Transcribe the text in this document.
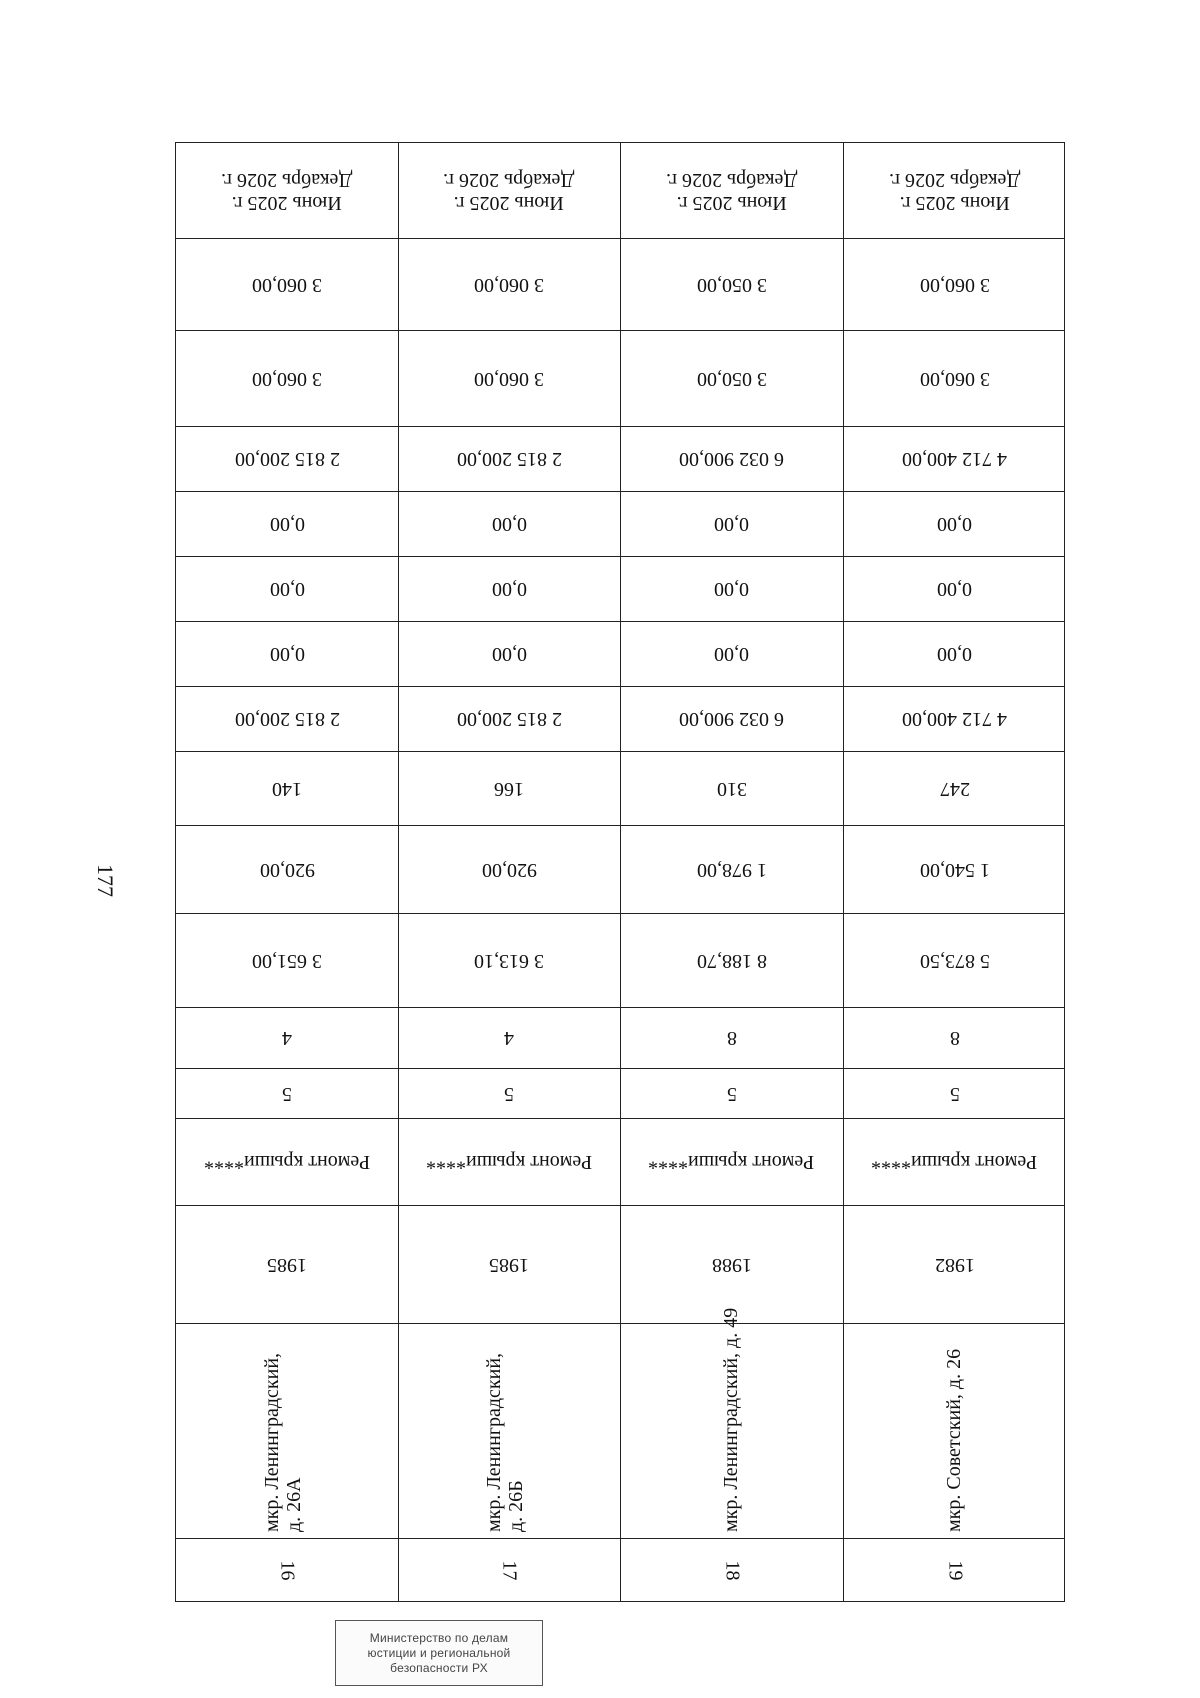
177
Июнь 2025 г.
Декабрь 2026 г.
3 060,00
3 060,00
2 815 200,00
0,00
0,00
0,00
2 815 200,00
140
920,00
3 651,00
4
5
Ремонт крыши****
1985
мкр. Ленинградский, д. 26А
16
Июнь 2025 г.
Декабрь 2026 г.
3 060,00
3 060,00
2 815 200,00
0,00
0,00
0,00
2 815 200,00
166
920,00
3 613,10
4
5
Ремонт крыши****
1985
мкр. Ленинградский, д. 26Б
17
Июнь 2025 г.
Декабрь 2026 г.
3 050,00
3 050,00
6 032 900,00
0,00
0,00
0,00
6 032 900,00
310
1 978,00
8 188,70
8
5
Ремонт крыши****
1988
мкр. Ленинградский, д. 49
18
Июнь 2025 г.
Декабрь 2026 г.
3 060,00
3 060,00
4 712 400,00
0,00
0,00
0,00
4 712 400,00
247
1 540,00
5 873,50
8
5
Ремонт крыши****
1982
мкр. Советский, д. 26
19
Министерство по делам
юстиции и региональной
безопасности РХ
